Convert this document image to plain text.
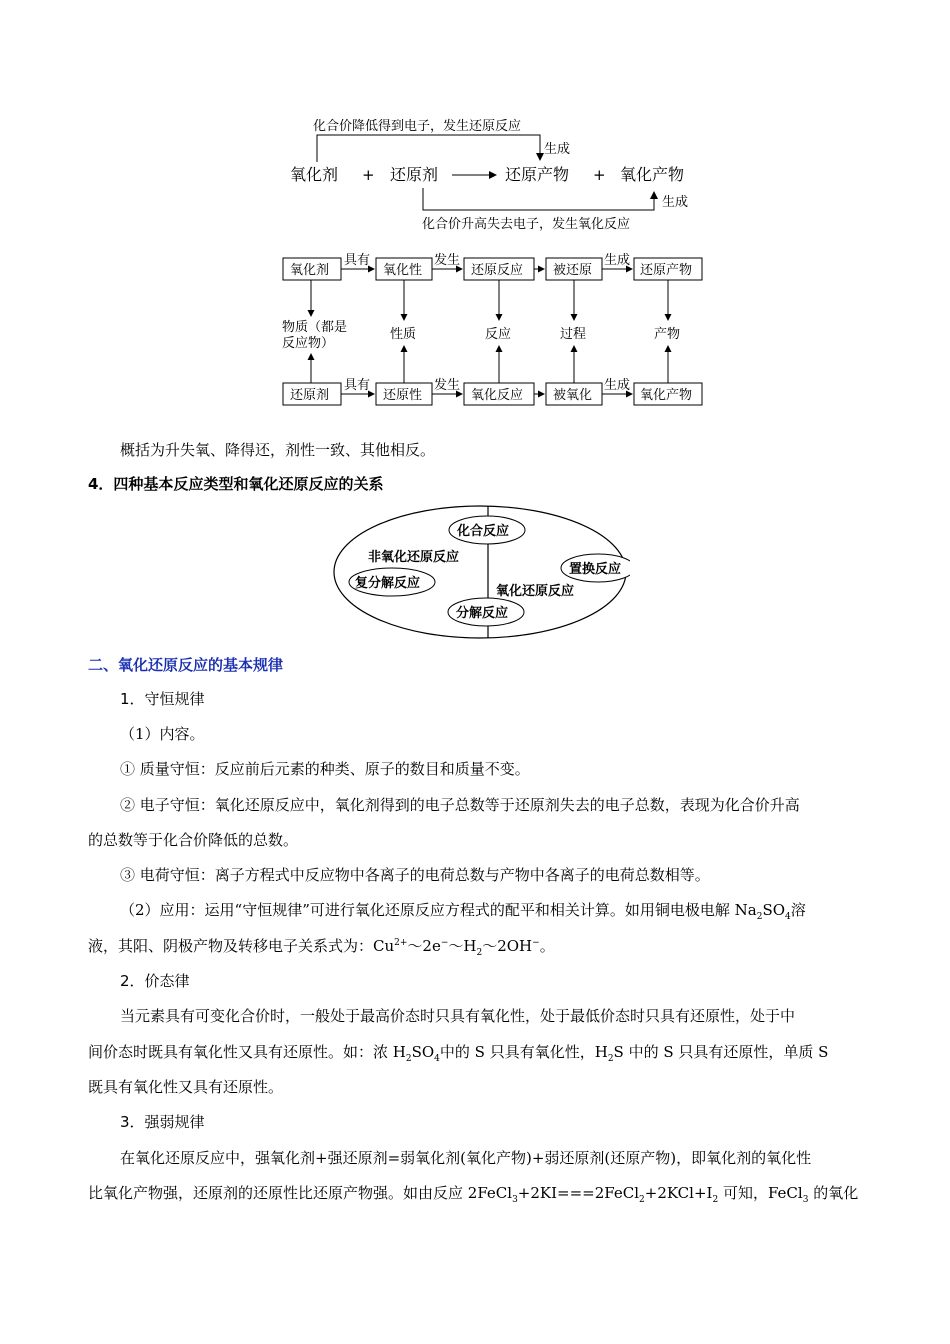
化合价降低得到电子，发生还原反应
生成
氧化剂 + 还原剂	还原产物 + 氧化产物
生成
化合价升高失去电子，发生氧化反应
氧化剂	氧化性	还原反应 被还原	还原产物
具有	发生	生成
物质（都是
反应物）
性质	反应	过程	产物
还原剂	还原性	氧化反应 被氧化	氧化产物
具有	发生	生成
概括为升失氧、降得还，剂性一致、其他相反。
4．四种基本反应类型和氧化还原反应的关系
化合反应
非氧化还原反应
复分解反应
置换反应
氧化还原反应
分解反应
二、氧化还原反应的基本规律
1．守恒规律
（1）内容。
① 质量守恒：反应前后元素的种类、原子的数目和质量不变。
② 电子守恒：氧化还原反应中，氧化剂得到的电子总数等于还原剂失去的电子总数，表现为化合价升高
的总数等于化合价降低的总数。
③ 电荷守恒：离子方程式中反应物中各离子的电荷总数与产物中各离子的电荷总数相等。
（2）应用：运用“守恒规律”可进行氧化还原反应方程式的配平和相关计算。如用铜电极电解 $Na_2SO_4$溶
液，其阳、阴极产物及转移电子关系式为：$Cu^{2+}\sim 2e^-\sim H_2\sim 2OH^-$。
2．价态律
当元素具有可变化合价时，一般处于最高价态时只具有氧化性，处于最低价态时只具有还原性，处于中
间价态时既具有氧化性又具有还原性。如：浓 $H_2SO_4$中的 S 只具有氧化性，$H_2S$ 中的 S 只具有还原性，单质 S
既具有氧化性又具有还原性。
3．强弱规律
在氧化还原反应中，强氧化剂+强还原剂=弱氧化剂(氧化产物)+弱还原剂(还原产物)，即氧化剂的氧化性
比氧化产物强，还原剂的还原性比还原产物强。如由反应 $2FeCl_3+2KI===2FeCl_2+2KCl+I_2$ 可知，FeCl$_3$ 的氧化
